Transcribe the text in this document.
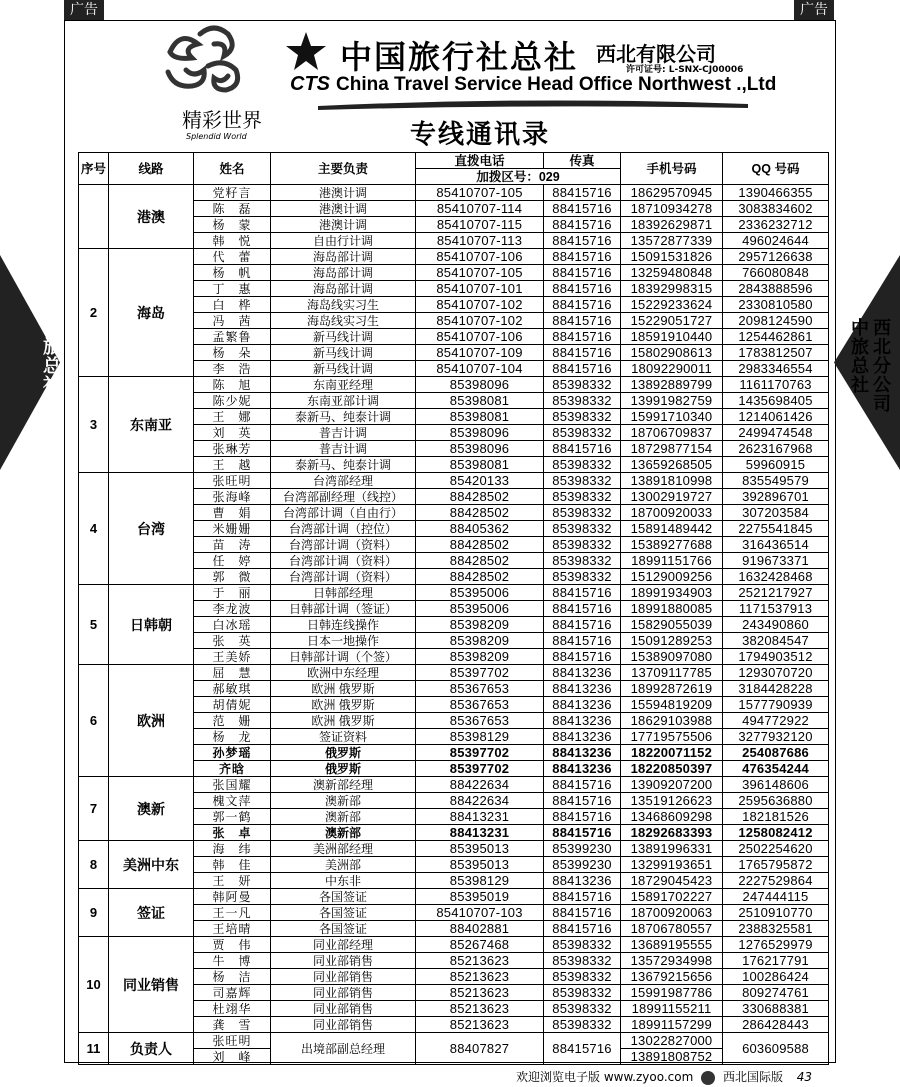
广告	广告
西北分公司
中旅总社	西北分公司
中旅总社
精彩世界
Splendid World
中国旅行社总社 西北有限公司
许可证号: L-SNX-CJ00006
CTS China Travel Service Head Office Northwest .,Ltd
专线通讯录
序号	线路	姓名	主要负责	直拨电话	传真	手机号码	QQ 号码
				加拨区号：029			
	港澳	党籽言	港澳计调	85410707-105	88415716	18629570945	1390466355
		陈　磊	港澳计调	85410707-114	88415716	18710934278	3083834602
		杨　蒙	港澳计调	85410707-115	88415716	18392629871	2336232712
		韩　悦	自由行计调	85410707-113	88415716	13572877339	496024644
2	海岛	代　蕾	海岛部计调	85410707-106	88415716	15091531826	2957126638
		杨　帆	海岛部计调	85410707-105	88415716	13259480848	766080848
		丁　惠	海岛部计调	85410707-101	88415716	18392998315	2843888596
		白　桦	海岛线实习生	85410707-102	88415716	15229233624	2330810580
		冯　茜	海岛线实习生	85410707-102	88415716	15229051727	2098124590
		孟繁鲁	新马线计调	85410707-106	88415716	18591910440	1254462861
		杨　朵	新马线计调	85410707-109	88415716	15802908613	1783812507
		李　浩	新马线计调	85410707-104	88415716	18092290011	2983346554
3	东南亚	陈　旭	东南亚经理	85398096	85398332	13892889799	1161170763
		陈少妮	东南亚部计调	85398081	85398332	13991982759	1435698405
		王　娜	泰新马、纯泰计调	85398081	85398332	15991710340	1214061426
		刘　英	普吉计调	85398096	85398332	18706709837	2499474548
		张琳芳	普吉计调	85398096	88415716	18729877154	2623167968
		王　越	泰新马、纯泰计调	85398081	85398332	13659268505	59960915
4	台湾	张旺明	台湾部经理	85420133	85398332	13891810998	835549579
		张海峰	台湾部副经理（线控）	88428502	85398332	13002919727	392896701
		曹　娟	台湾部计调（自由行）	88428502	85398332	18700920033	307203584
		米姗姗	台湾部计调（控位）	88405362	85398332	15891489442	2275541845
		苗　涛	台湾部计调（资料）	88428502	85398332	15389277688	316436514
		任　婷	台湾部计调（资料）	88428502	85398332	18991151766	919673371
		郭　微	台湾部计调（资料）	88428502	85398332	15129009256	1632428468
5	日韩朝	于　丽	日韩部经理	85395006	88415716	18991934903	2521217927
		李龙波	日韩部计调（签证）	85395006	88415716	18991880085	1171537913
		白冰瑶	日韩连线操作	85398209	88415716	15829055039	243490860
		张　英	日本一地操作	85398209	88415716	15091289253	382084547
		王美娇	日韩部计调（个签）	85398209	88415716	15389097080	1794903512
6	欧洲	屈　慧	欧洲中东经理	85397702	88413236	13709117785	1293070720
		郝敏琪	欧洲 俄罗斯	85367653	88413236	18992872619	3184428228
		胡倩妮	欧洲 俄罗斯	85367653	88413236	15594819209	1577790939
		范　姗	欧洲 俄罗斯	85367653	88413236	18629103988	494772922
		杨　龙	签证资料	85398129	88413236	17719575506	3277932120
		孙梦瑶	俄罗斯	85397702	88413236	18220071152	254087686
		齐晗	俄罗斯	85397702	88413236	18220850397	476354244
7	澳新	张国耀	澳新部经理	88422634	88415716	13909207200	396148606
		槐文萍	澳新部	88422634	88415716	13519126623	2595636880
		郭一鹤	澳新部	88413231	88415716	13468609298	182181526
		张　卓	澳新部	88413231	88415716	18292683393	1258082412
8	美洲中东	海　纬	美洲部经理	85395013	85399230	13891996331	2502254620
		韩　佳	美洲部	85395013	85399230	13299193651	1765795872
		王　妍	中东非	85398129	88413236	18729045423	2227529864
9	签证	韩阿曼	各国签证	85395019	88415716	15891702227	247444115
		王一凡	各国签证	85410707-103	88415716	18700920063	2510910770
		王培晴	各国签证	88402881	88415716	18706780557	2388325581
10	同业销售	贾　伟	同业部经理	85267468	85398332	13689195555	1276529979
		牛　博	同业部销售	85213623	85398332	13572934998	176217791
		杨　洁	同业部销售	85213623	85398332	13679215656	100286424
		司嘉辉	同业部销售	85213623	85398332	15991987786	809274761
		杜翊华	同业部销售	85213623	85398332	18991155211	330688381
		龚　雪	同业部销售	85213623	85398332	18991157299	286428443
11	负责人	张旺明	出境部副总经理	88407827	88415716	13022827000	603609588
		刘　峰				13891808752	
欢迎浏览电子版 www.zyoo.com 西北国际版 43
